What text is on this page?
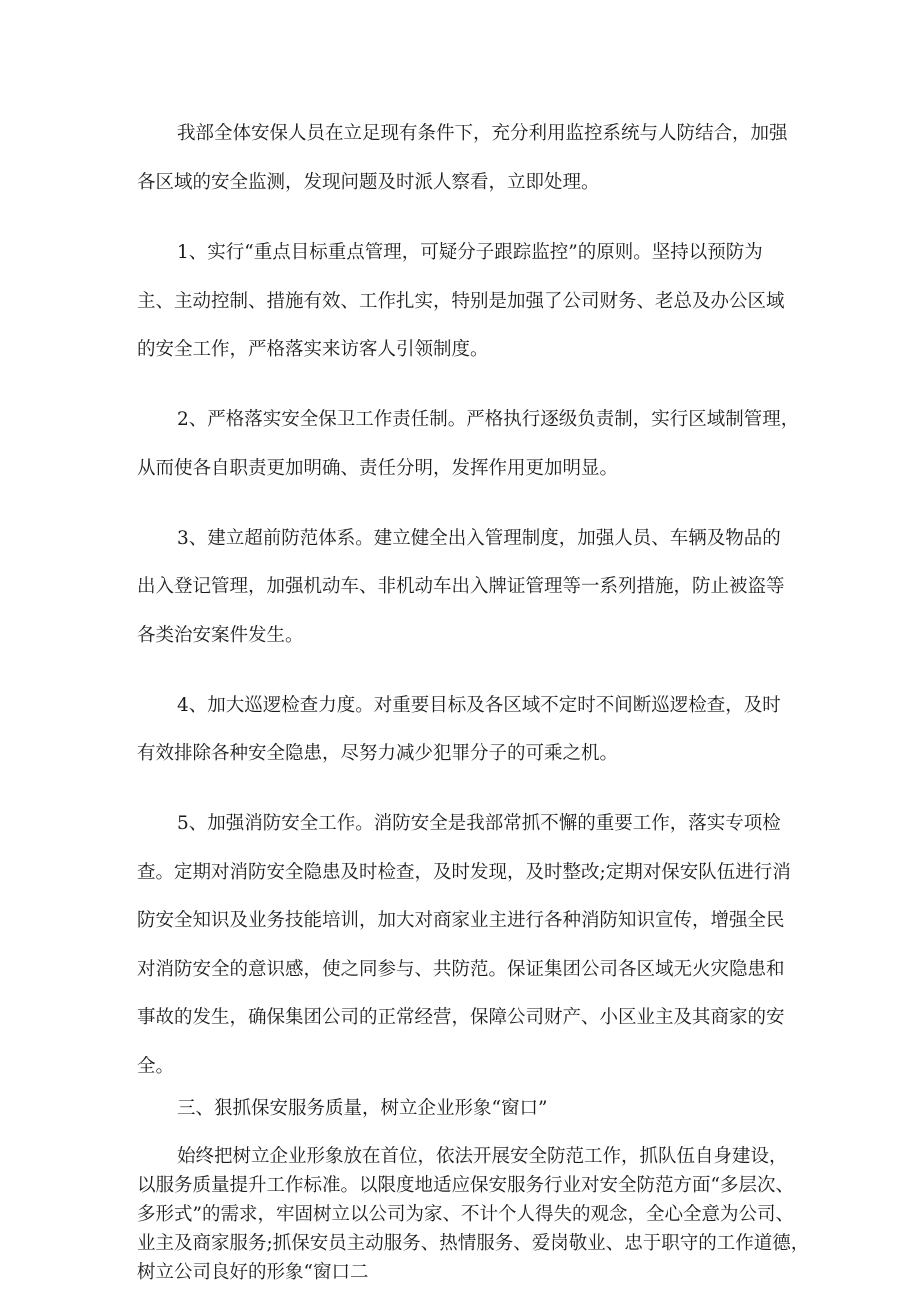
我部全体安保人员在立足现有条件下，充分利用监控系统与人防结合，加强
各区域的安全监测，发现问题及时派人察看，立即处理。
1、实行“重点目标重点管理，可疑分子跟踪监控”的原则。坚持以预防为
主、主动控制、措施有效、工作扎实，特别是加强了公司财务、老总及办公区域
的安全工作，严格落实来访客人引领制度。
2、严格落实安全保卫工作责任制。严格执行逐级负责制，实行区域制管理，
从而使各自职责更加明确、责任分明，发挥作用更加明显。
3、建立超前防范体系。建立健全出入管理制度，加强人员、车辆及物品的
出入登记管理，加强机动车、非机动车出入牌证管理等一系列措施，防止被盗等
各类治安案件发生。
4、加大巡逻检查力度。对重要目标及各区域不定时不间断巡逻检查，及时
有效排除各种安全隐患，尽努力减少犯罪分子的可乘之机。
5、加强消防安全工作。消防安全是我部常抓不懈的重要工作，落实专项检
查。定期对消防安全隐患及时检查，及时发现，及时整改;定期对保安队伍进行消
防安全知识及业务技能培训，加大对商家业主进行各种消防知识宣传，增强全民
对消防安全的意识感，使之同参与、共防范。保证集团公司各区域无火灾隐患和
事故的发生，确保集团公司的正常经营，保障公司财产、小区业主及其商家的安
全。
三、狠抓保安服务质量，树立企业形象“窗口”
始终把树立企业形象放在首位，依法开展安全防范工作，抓队伍自身建设，
以服务质量提升工作标准。以限度地适应保安服务行业对安全防范方面“多层次、
多形式”的需求，牢固树立以公司为家、不计个人得失的观念，全心全意为公司、
业主及商家服务;抓保安员主动服务、热情服务、爱岗敬业、忠于职守的工作道德，
树立公司良好的形象“窗口二
